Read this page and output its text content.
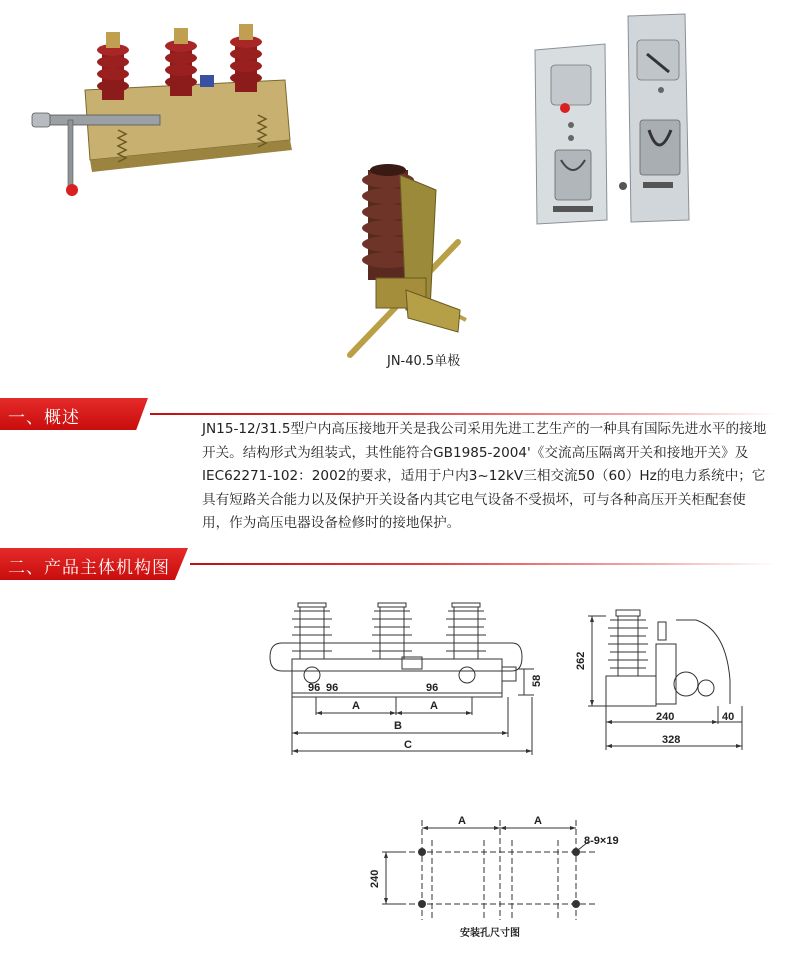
JN-40.5单极
一、概述

JN15-12/31.5型户内高压接地开关是我公司采用先进工艺生产的一种具有国际先进水平的接地开关。结构形式为组装式，其性能符合GB1985-2004'《交流高压隔离开关和接地开关》及IEC62271-102：2002的要求，适用于户内3~12kV三相交流50（60）Hz的电力系统中；它具有短路关合能力以及保护开关设备内其它电气设备不受损坏，可与各种高压开关柜配套使用，作为高压电器设备检修时的接地保护。

二、产品主体机构图
96 96	96
58
A	A
B
C
262
240	40
328
A	A
240
8-9×19
安装孔尺寸图
